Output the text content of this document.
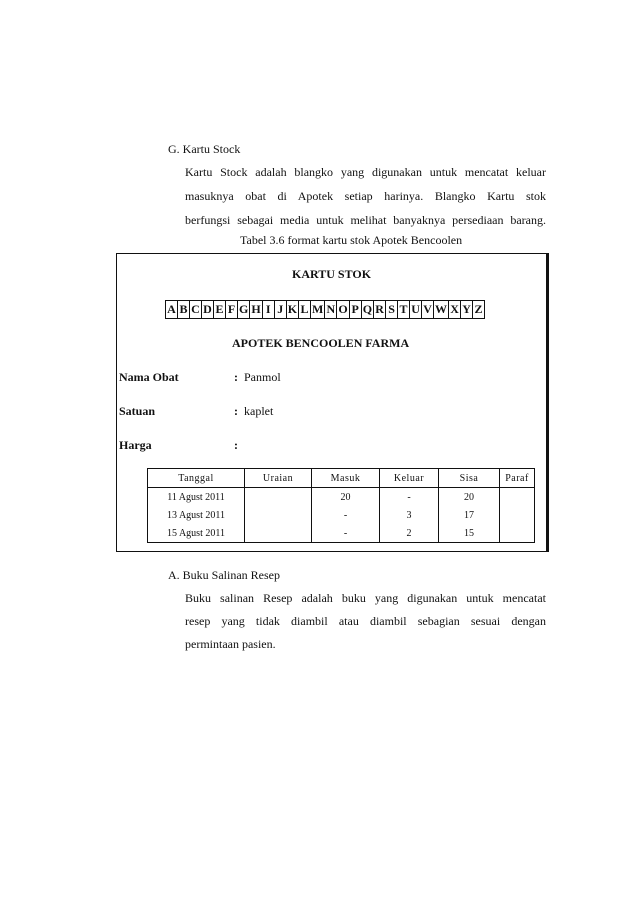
G. Kartu Stock
Kartu Stock adalah blangko yang digunakan untuk mencatat keluar
masuknya obat di Apotek setiap harinya. Blangko Kartu stok
berfungsi sebagai media untuk melihat banyaknya persediaan barang.
Tabel 3.6 format kartu stok Apotek Bencoolen
KARTU STOK
A B C D E F G H I J K L M N O P Q R S T U V W X Y Z
APOTEK BENCOOLEN FARMA
Nama Obat	: Panmol
Satuan	: kaplet
Harga	:
Tanggal	Uraian	Masuk	Keluar	Sisa	Paraf
11 Agust 2011		20	-	20	
13 Agust 2011		-	3	17	
15 Agust 2011		-	2	15	
A. Buku Salinan Resep
Buku salinan Resep adalah buku yang digunakan untuk mencatat
resep yang tidak diambil atau diambil sebagian sesuai dengan
permintaan pasien.
